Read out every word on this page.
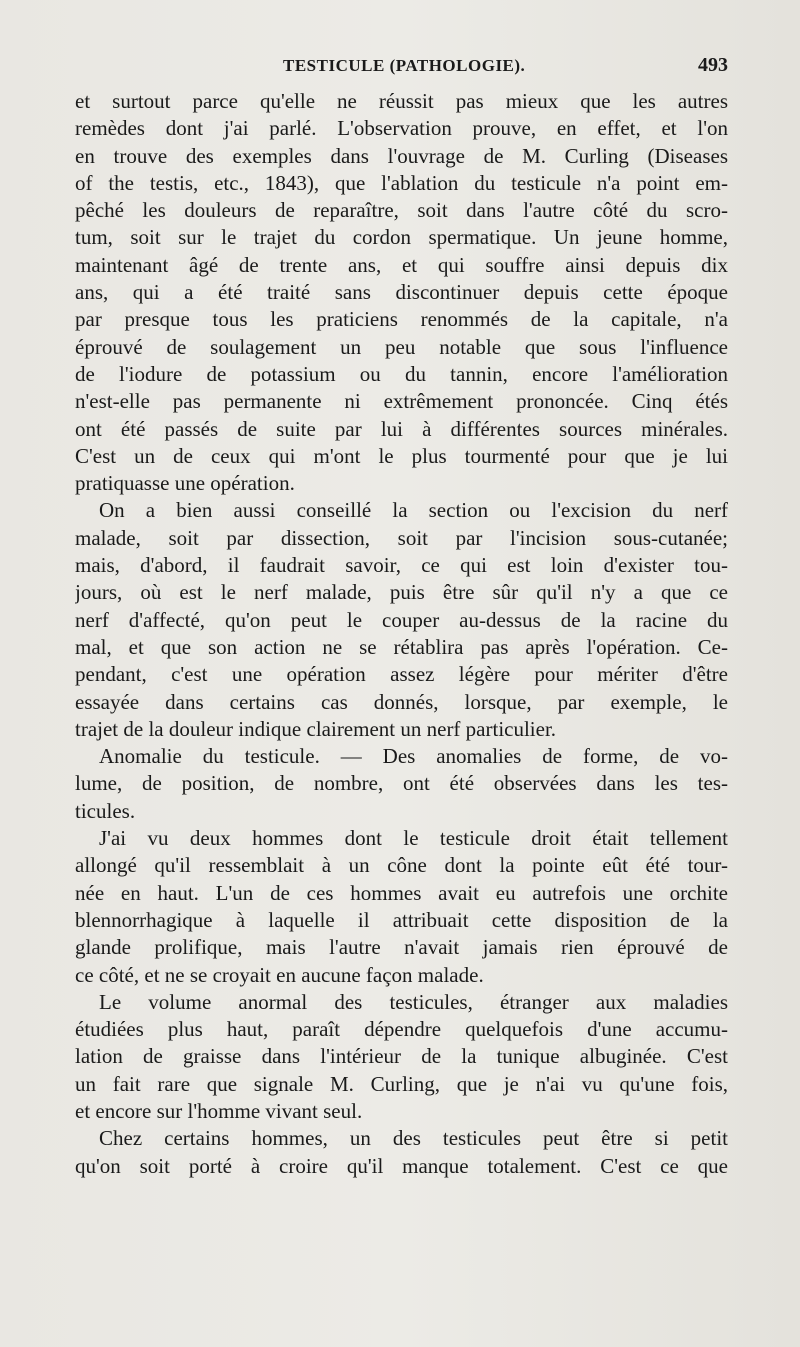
TESTICULE (PATHOLOGIE).	493
et surtout parce qu'elle ne réussit pas mieux que les autres
remèdes dont j'ai parlé. L'observation prouve, en effet, et l'on
en trouve des exemples dans l'ouvrage de M. Curling (Diseases
of the testis, etc., 1843), que l'ablation du testicule n'a point em-
pêché les douleurs de reparaître, soit dans l'autre côté du scro-
tum, soit sur le trajet du cordon spermatique. Un jeune homme,
maintenant âgé de trente ans, et qui souffre ainsi depuis dix
ans, qui a été traité sans discontinuer depuis cette époque
par presque tous les praticiens renommés de la capitale, n'a
éprouvé de soulagement un peu notable que sous l'influence
de l'iodure de potassium ou du tannin, encore l'amélioration
n'est-elle pas permanente ni extrêmement prononcée. Cinq étés
ont été passés de suite par lui à différentes sources minérales.
C'est un de ceux qui m'ont le plus tourmenté pour que je lui
pratiquasse une opération.
On a bien aussi conseillé la section ou l'excision du nerf
malade, soit par dissection, soit par l'incision sous-cutanée;
mais, d'abord, il faudrait savoir, ce qui est loin d'exister tou-
jours, où est le nerf malade, puis être sûr qu'il n'y a que ce
nerf d'affecté, qu'on peut le couper au-dessus de la racine du
mal, et que son action ne se rétablira pas après l'opération. Ce-
pendant, c'est une opération assez légère pour mériter d'être
essayée dans certains cas donnés, lorsque, par exemple, le
trajet de la douleur indique clairement un nerf particulier.
Anomalie du testicule. — Des anomalies de forme, de vo-
lume, de position, de nombre, ont été observées dans les tes-
ticules.
J'ai vu deux hommes dont le testicule droit était tellement
allongé qu'il ressemblait à un cône dont la pointe eût été tour-
née en haut. L'un de ces hommes avait eu autrefois une orchite
blennorrhagique à laquelle il attribuait cette disposition de la
glande prolifique, mais l'autre n'avait jamais rien éprouvé de
ce côté, et ne se croyait en aucune façon malade.
Le volume anormal des testicules, étranger aux maladies
étudiées plus haut, paraît dépendre quelquefois d'une accumu-
lation de graisse dans l'intérieur de la tunique albuginée. C'est
un fait rare que signale M. Curling, que je n'ai vu qu'une fois,
et encore sur l'homme vivant seul.
Chez certains hommes, un des testicules peut être si petit
qu'on soit porté à croire qu'il manque totalement. C'est ce que
